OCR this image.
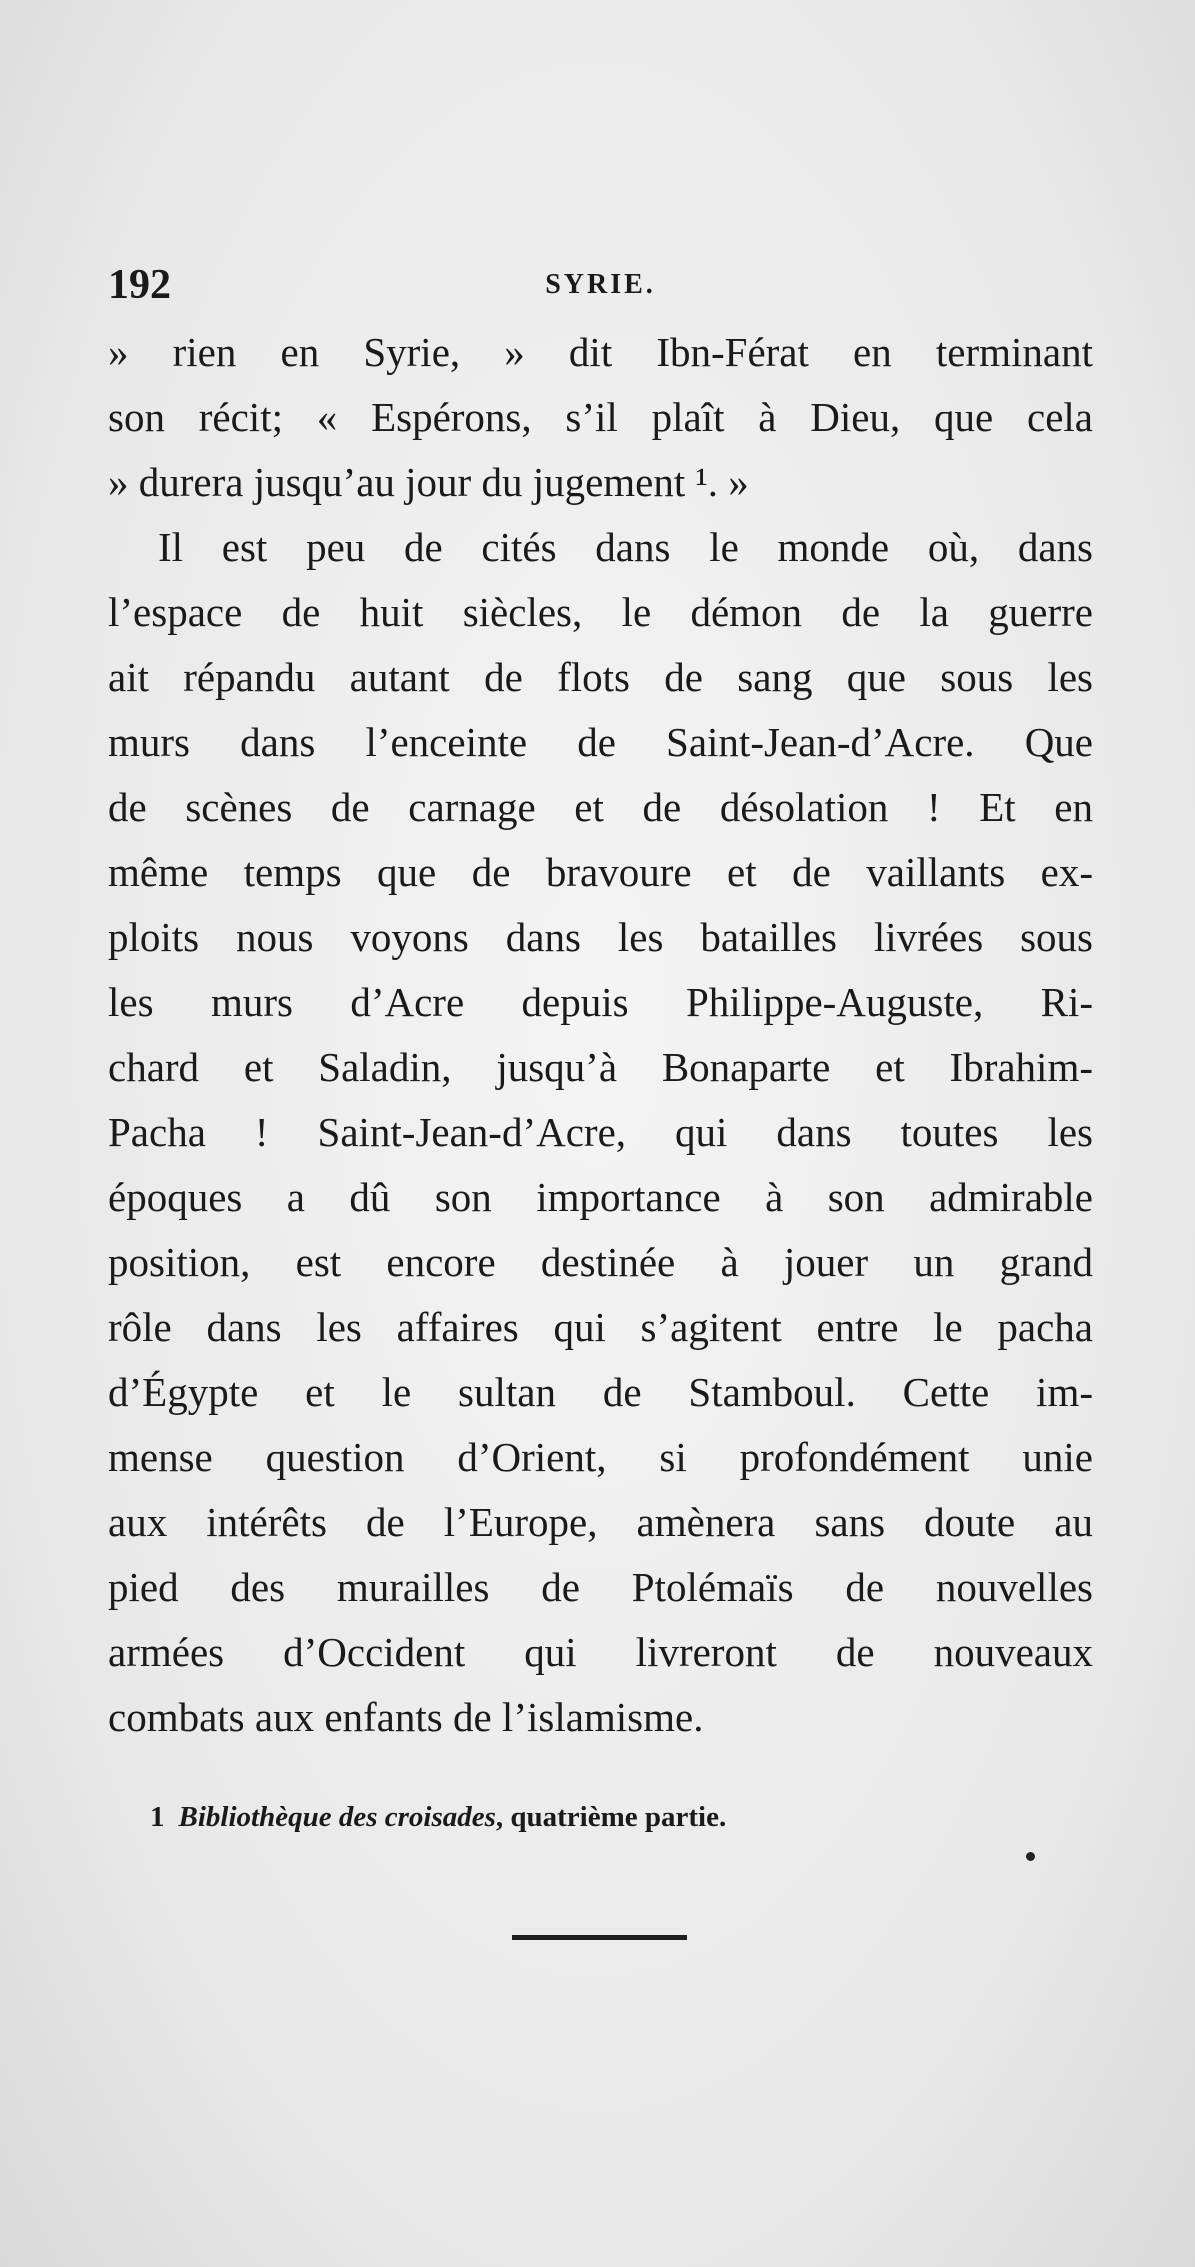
192	SYRIE.
» rien en Syrie, » dit Ibn-Férat en terminant
son récit; « Espérons, s’il plaît à Dieu, que cela
» durera jusqu’au jour du jugement ¹. »
Il est peu de cités dans le monde où, dans
l’espace de huit siècles, le démon de la guerre
ait répandu autant de flots de sang que sous les
murs dans l’enceinte de Saint-Jean-d’Acre. Que
de scènes de carnage et de désolation ! Et en
même temps que de bravoure et de vaillants ex-
ploits nous voyons dans les batailles livrées sous
les murs d’Acre depuis Philippe-Auguste, Ri-
chard et Saladin, jusqu’à Bonaparte et Ibrahim-
Pacha ! Saint-Jean-d’Acre, qui dans toutes les
époques a dû son importance à son admirable
position, est encore destinée à jouer un grand
rôle dans les affaires qui s’agitent entre le pacha
d’Égypte et le sultan de Stamboul. Cette im-
mense question d’Orient, si profondément unie
aux intérêts de l’Europe, amènera sans doute au
pied des murailles de Ptolémaïs de nouvelles
armées d’Occident qui livreront de nouveaux
combats aux enfants de l’islamisme.
1 Bibliothèque des croisades, quatrième partie.
